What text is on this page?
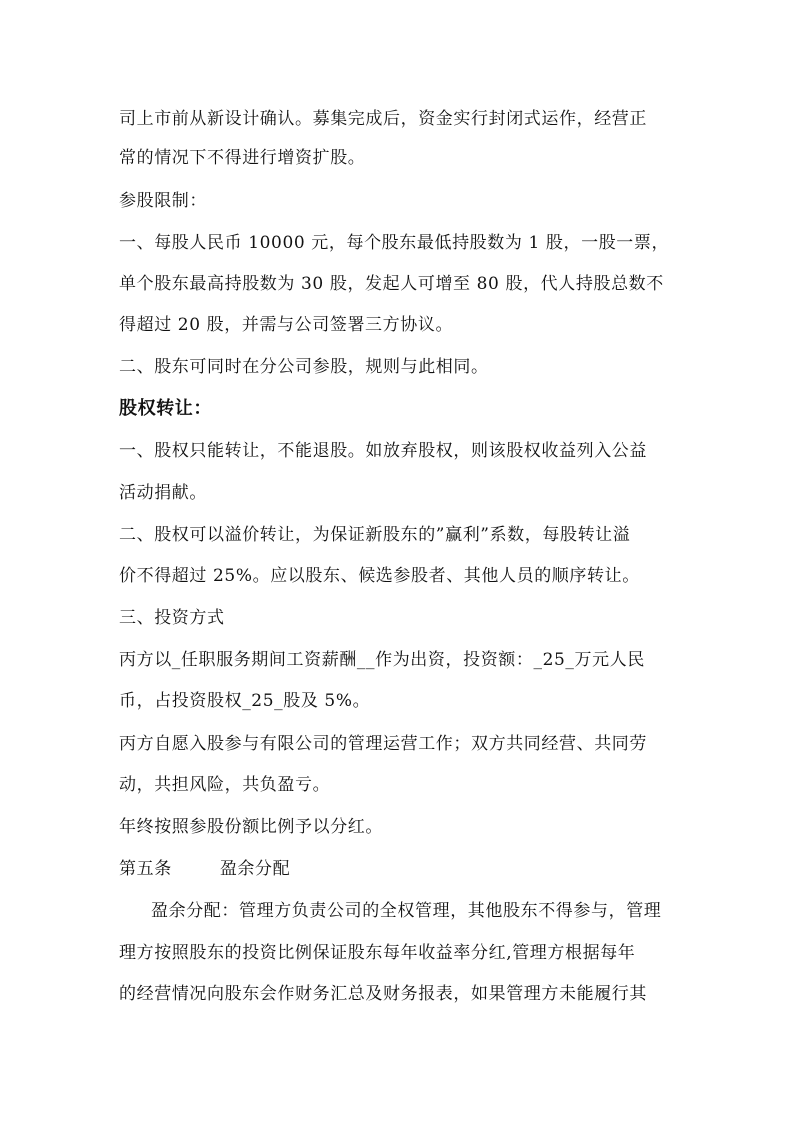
司上市前从新设计确认。募集完成后，资金实行封闭式运作，经营正
常的情况下不得进行增资扩股。
参股限制：
一、每股人民币 10000 元，每个股东最低持股数为 1 股，一股一票，
单个股东最高持股数为 30 股，发起人可增至 80 股，代人持股总数不
得超过 20 股，并需与公司签署三方协议。
二、股东可同时在分公司参股，规则与此相同。
股权转让：
一、股权只能转让，不能退股。如放弃股权，则该股权收益列入公益
活动捐献。
二、股权可以溢价转让，为保证新股东的”赢利”系数，每股转让溢
价不得超过 25%。应以股东、候选参股者、其他人员的顺序转让。
三、投资方式
丙方以_任职服务期间工资薪酬__作为出资，投资额：_25_万元人民
币，占投资股权_25_股及 5%。
丙方自愿入股参与有限公司的管理运营工作；双方共同经营、共同劳
动，共担风险，共负盈亏。
年终按照参股份额比例予以分红。
第五条	盈余分配
盈余分配：管理方负责公司的全权管理，其他股东不得参与，管理
理方按照股东的投资比例保证股东每年收益率分红,管理方根据每年
的经营情况向股东会作财务汇总及财务报表，如果管理方未能履行其
